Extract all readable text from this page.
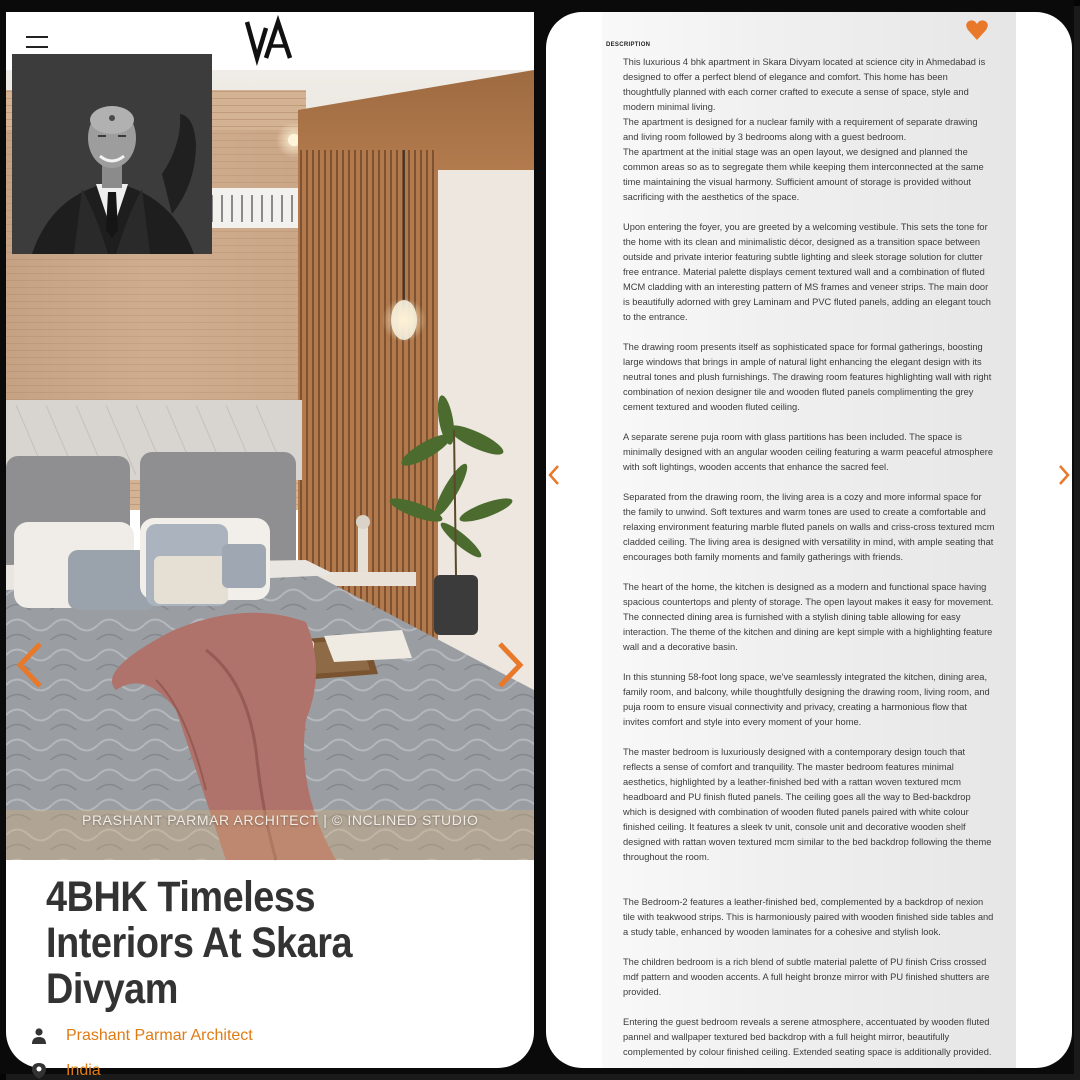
PRASHANT PARMAR ARCHITECT | © INCLINED STUDIO
4BHK Timeless
Interiors At Skara
Divyam
Prashant Parmar Architect
India
DESCRIPTION

This luxurious 4 bhk apartment in Skara Divyam located at science city in Ahmedabad is designed to offer a perfect blend of elegance and comfort. This home has been thoughtfully planned with each corner crafted to execute a sense of space, style and modern minimal living.

The apartment is designed for a nuclear family with a requirement of separate drawing and living room followed by 3 bedrooms along with a guest bedroom.

The apartment at the initial stage was an open layout, we designed and planned the common areas so as to segregate them while keeping them interconnected at the same time maintaining the visual harmony. Sufficient amount of storage is provided without sacrificing with the aesthetics of the space.

Upon entering the foyer, you are greeted by a welcoming vestibule. This sets the tone for the home with its clean and minimalistic décor, designed as a transition space between outside and private interior featuring subtle lighting and sleek storage solution for clutter free entrance. Material palette displays cement textured wall and a combination of fluted MCM cladding with an interesting pattern of MS frames and veneer strips. The main door is beautifully adorned with grey Laminam and PVC fluted panels, adding an elegant touch to the entrance.

The drawing room presents itself as sophisticated space for formal gatherings, boosting large windows that brings in ample of natural light enhancing the elegant design with its neutral tones and plush furnishings. The drawing room features highlighting wall with right combination of nexion designer tile and wooden fluted panels complimenting the grey cement textured and wooden fluted ceiling.

A separate serene puja room with glass partitions has been included. The space is minimally designed with an angular wooden ceiling featuring a warm peaceful atmosphere with soft lightings, wooden accents that enhance the sacred feel.

Separated from the drawing room, the living area is a cozy and more informal space for the family to unwind. Soft textures and warm tones are used to create a comfortable and relaxing environment featuring marble fluted panels on walls and criss-cross textured mcm cladded ceiling. The living area is designed with versatility in mind, with ample seating that encourages both family moments and family gatherings with friends.

The heart of the home, the kitchen is designed as a modern and functional space having spacious countertops and plenty of storage. The open layout makes it easy for movement. The connected dining area is furnished with a stylish dining table allowing for easy interaction. The theme of the kitchen and dining are kept simple with a highlighting feature wall and a decorative basin.

In this stunning 58-foot long space, we've seamlessly integrated the kitchen, dining area, family room, and balcony, while thoughtfully designing the drawing room, living room, and puja room to ensure visual connectivity and privacy, creating a harmonious flow that invites comfort and style into every moment of your home.

The master bedroom is luxuriously designed with a contemporary design touch that reflects a sense of comfort and tranquility. The master bedroom features minimal aesthetics, highlighted by a leather-finished bed with a rattan woven textured mcm headboard and PU finish fluted panels. The ceiling goes all the way to Bed-backdrop which is designed with combination of wooden fluted panels paired with white colour finished ceiling. It features a sleek tv unit, console unit and decorative wooden shelf designed with rattan woven textured mcm similar to the bed backdrop following the theme throughout the room.

The Bedroom-2 features a leather-finished bed, complemented by a backdrop of nexion tile with teakwood strips. This is harmoniously paired with wooden finished side tables and a study table, enhanced by wooden laminates for a cohesive and stylish look.

The children bedroom is a rich blend of subtle material palette of PU finish Criss crossed mdf pattern and wooden accents. A full height bronze mirror with PU finished shutters are provided.

Entering the guest bedroom reveals a serene atmosphere, accentuated by wooden fluted pannel and wallpaper textured bed backdrop with a full height mirror, beautifully complemented by colour finished ceiling. Extended seating space is additionally provided.
